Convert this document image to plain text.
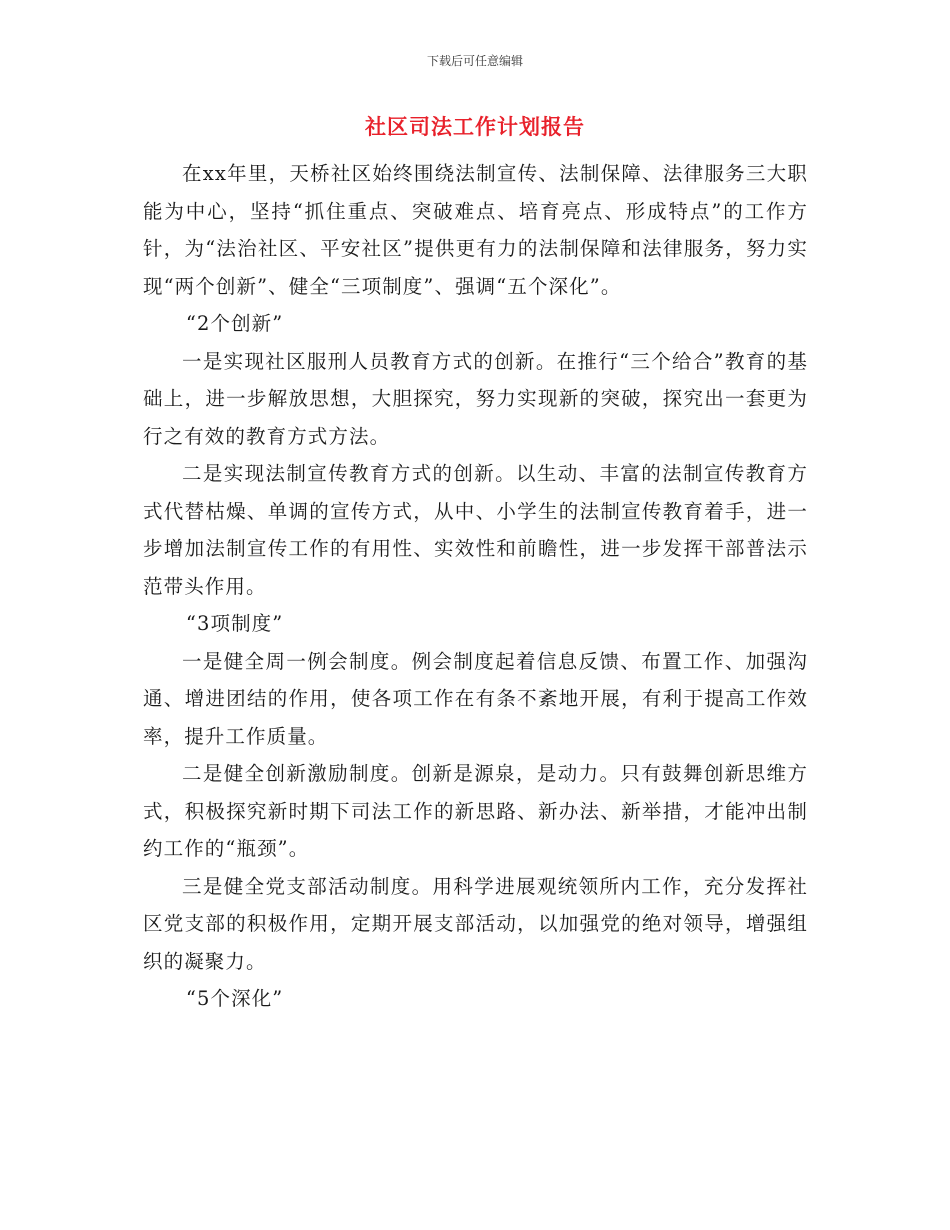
下载后可任意编辑
社区司法工作计划报告

在xx年里，天桥社区始终围绕法制宣传、法制保障、法律服务三大职能为中心，坚持“抓住重点、突破难点、培育亮点、形成特点”的工作方针，为“法治社区、平安社区”提供更有力的法制保障和法律服务，努力实现“两个创新”、健全“三项制度”、强调“五个深化”。

“2个创新”

一是实现社区服刑人员教育方式的创新。在推行“三个给合”教育的基础上，进一步解放思想，大胆探究，努力实现新的突破，探究出一套更为行之有效的教育方式方法。

二是实现法制宣传教育方式的创新。以生动、丰富的法制宣传教育方式代替枯燥、单调的宣传方式，从中、小学生的法制宣传教育着手，进一步增加法制宣传工作的有用性、实效性和前瞻性，进一步发挥干部普法示范带头作用。

“3项制度”

一是健全周一例会制度。例会制度起着信息反馈、布置工作、加强沟通、增进团结的作用，使各项工作在有条不紊地开展，有利于提高工作效率，提升工作质量。

二是健全创新激励制度。创新是源泉，是动力。只有鼓舞创新思维方式，积极探究新时期下司法工作的新思路、新办法、新举措，才能冲出制约工作的“瓶颈”。

三是健全党支部活动制度。用科学进展观统领所内工作，充分发挥社区党支部的积极作用，定期开展支部活动，以加强党的绝对领导，增强组织的凝聚力。

“5个深化”
